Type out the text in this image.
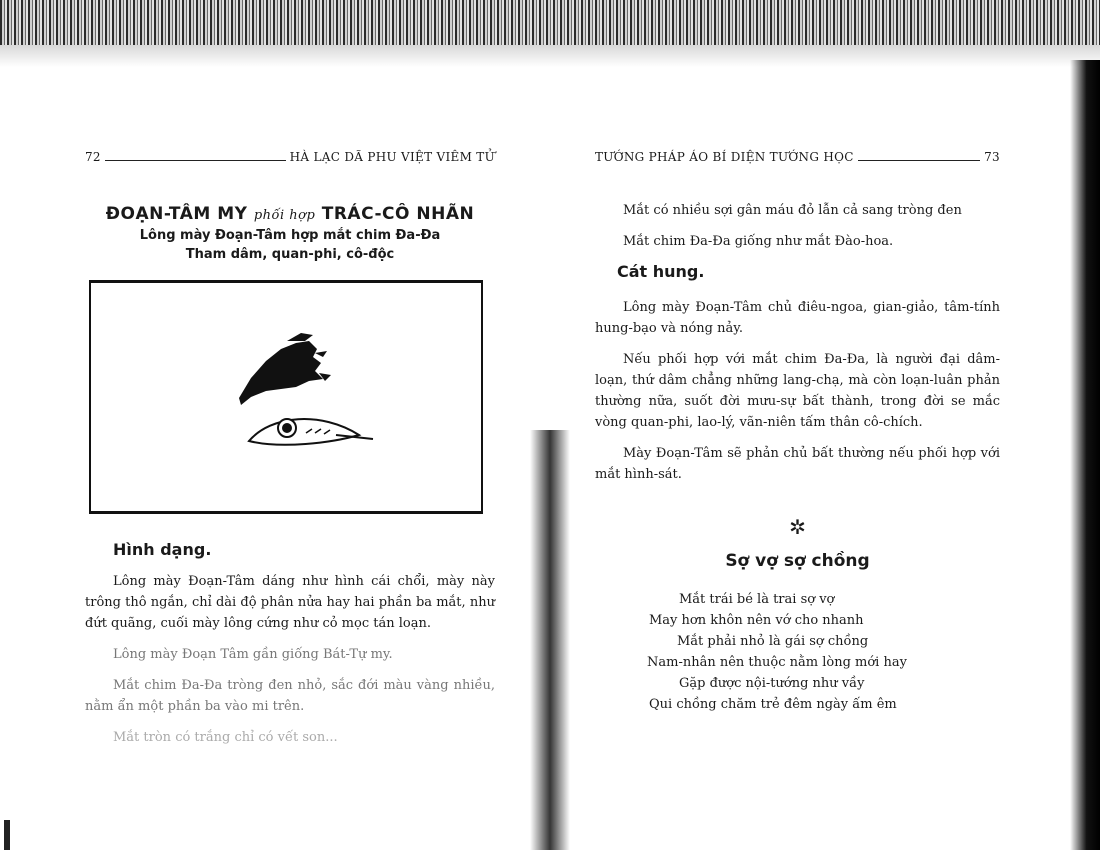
72	HÀ LẠC DÃ PHU VIỆT VIÊM TỬ
ĐOẠN-TÂM MY phối hợp TRÁC-CÔ NHÃN
Lông mày Đoạn-Tâm hợp mắt chim Đa-Đa
Tham dâm, quan-phi, cô-độc
Hình dạng.

Lông mày Đoạn-Tâm dáng như hình cái chổi, mày này trông thô ngắn, chỉ dài độ phân nửa hay hai phần ba mắt, như đứt quãng, cuối mày lông cứng như cỏ mọc tán loạn.

Lông mày Đoạn Tâm gần giống Bát-Tự my.

Mắt chim Đa-Đa tròng đen nhỏ, sắc đới màu vàng nhiều, nằm ẩn một phần ba vào mi trên.

Mắt tròn có trắng chỉ có vết son...

TƯỚNG PHÁP ÁO BÍ DIỆN TƯỚNG HỌC	73

Mắt có nhiều sợi gân máu đỏ lẫn cả sang tròng đen

Mắt chim Đa-Đa giống như mắt Đào-hoa.

Cát hung.

Lông mày Đoạn-Tâm chủ điêu-ngoa, gian-giảo, tâm-tính hung-bạo và nóng nảy.

Nếu phối hợp với mắt chim Đa-Đa, là người đại dâm-loạn, thứ dâm chẳng những lang-chạ, mà còn loạn-luân phản thường nữa, suốt đời mưu-sự bất thành, trong đời se mắc vòng quan-phi, lao-lý, vãn-niên tấm thân cô-chích.

Mày Đoạn-Tâm sẽ phản chủ bất thường nếu phối hợp với mắt hình-sát.

✲
Sợ vợ sợ chồng
Mắt trái bé là trai sợ vợ
May hơn khôn nên vớ cho nhanh
Mắt phải nhỏ là gái sợ chồng
Nam-nhân nên thuộc nằm lòng mới hay
Gặp được nội-tướng như vầy
Qui chồng chăm trẻ đêm ngày ấm êm
